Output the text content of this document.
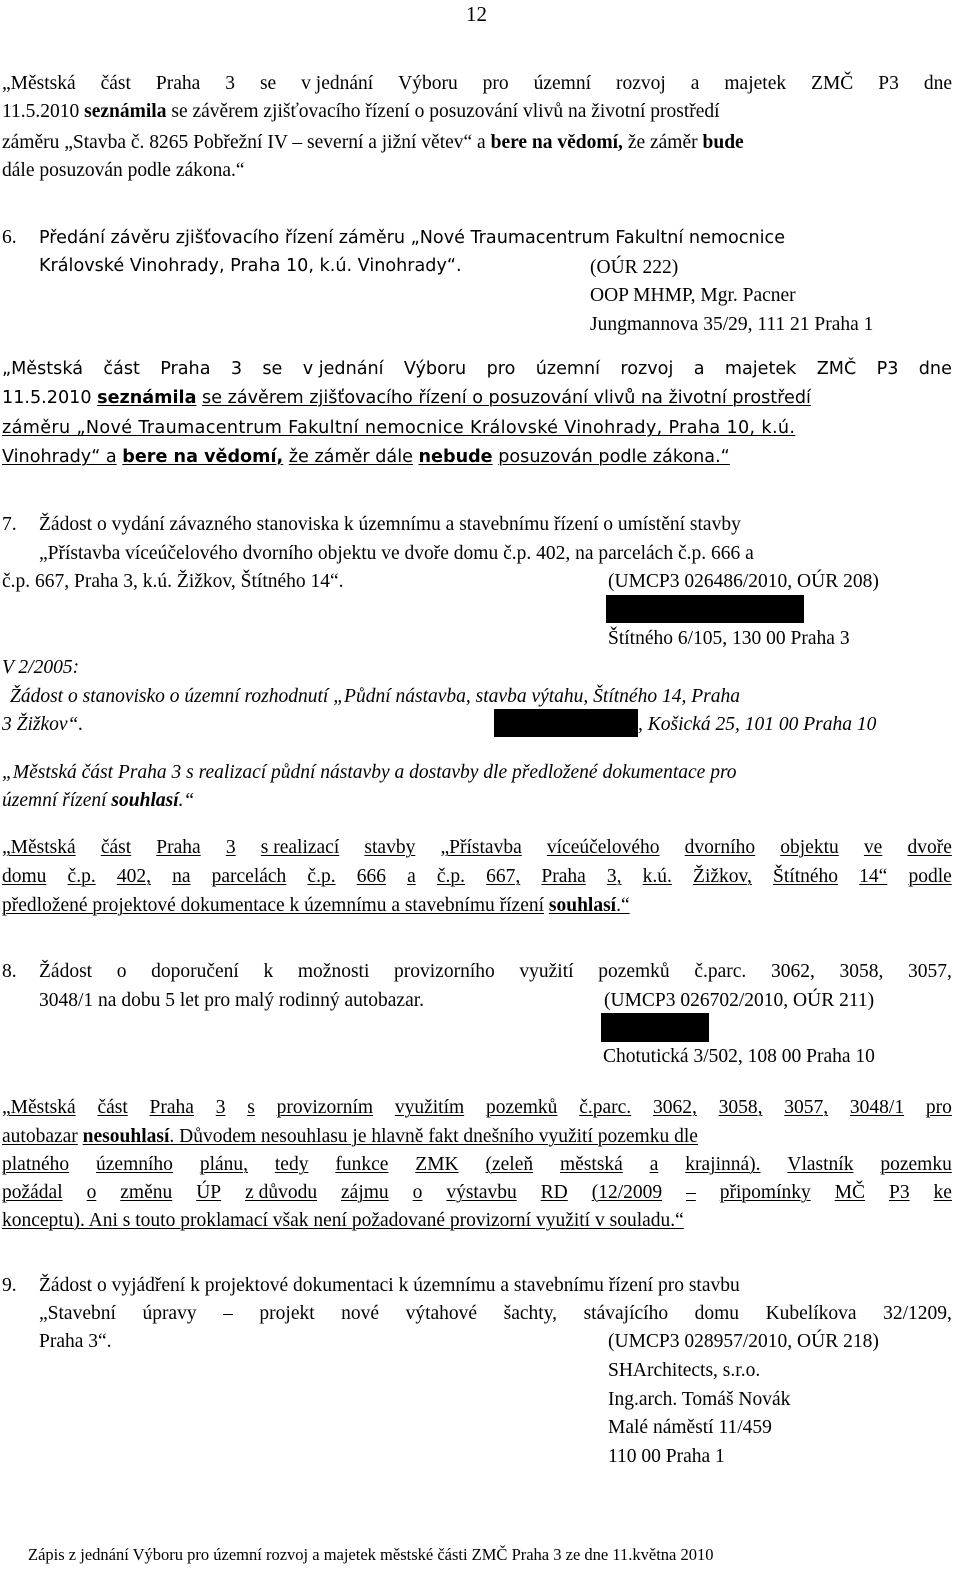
12
„Městská část Praha 3 se v jednání Výboru pro územní rozvoj a majetek ZMČ P3 dne
11.5.2010 seznámila se závěrem zjišťovacího řízení o posuzování vlivů na životní prostředí
záměru „Stavba č. 8265 Pobřežní IV – severní a jižní větev“ a bere na vědomí, že záměr bude
dále posuzován podle zákona.“
6. Předání závěru zjišťovacího řízení záměru „Nové Traumacentrum Fakultní nemocnice
Královské Vinohrady, Praha 10, k.ú. Vinohrady“.	(OÚR 222)
OOP MHMP, Mgr. Pacner
Jungmannova 35/29, 111 21 Praha 1
„Městská část Praha 3 se v jednání Výboru pro územní rozvoj a majetek ZMČ P3 dne
11.5.2010 seznámila se závěrem zjišťovacího řízení o posuzování vlivů na životní prostředí
záměru „Nové Traumacentrum Fakultní nemocnice Královské Vinohrady, Praha 10, k.ú.
Vinohrady“ a bere na vědomí, že záměr dále nebude posuzován podle zákona.“
7. Žádost o vydání závazného stanoviska k územnímu a stavebnímu řízení o umístění stavby
„Přístavba víceúčelového dvorního objektu ve dvoře domu č.p. 402, na parcelách č.p. 666 a
č.p. 667, Praha 3, k.ú. Žižkov, Štítného 14“.	(UMCP3 026486/2010, OÚR 208)
Štítného 6/105, 130 00 Praha 3
V 2/2005:
Žádost o stanovisko o územní rozhodnutí „Půdní nástavba, stavba výtahu, Štítného 14, Praha
3 Žižkov“.	, Košická 25, 101 00 Praha 10
„Městská část Praha 3 s realizací půdní nástavby a dostavby dle předložené dokumentace pro
územní řízení souhlasí.“
„Městská část Praha 3 s realizací stavby „Přístavba víceúčelového dvorního objektu ve dvoře
domu č.p. 402, na parcelách č.p. 666 a č.p. 667, Praha 3, k.ú. Žižkov, Štítného 14“ podle
předložené projektové dokumentace k územnímu a stavebnímu řízení souhlasí.“
8. Žádost o doporučení k možnosti provizorního využití pozemků č.parc. 3062, 3058, 3057,
3048/1 na dobu 5 let pro malý rodinný autobazar.	(UMCP3 026702/2010, OÚR 211)
Chotutická 3/502, 108 00 Praha 10
„Městská část Praha 3 s provizorním využitím pozemků č.parc. 3062, 3058, 3057, 3048/1 pro
autobazar nesouhlasí. Důvodem nesouhlasu je hlavně fakt dnešního využití pozemku dle
platného územního plánu, tedy funkce ZMK (zeleň městská a krajinná). Vlastník pozemku
požádal o změnu ÚP z důvodu zájmu o výstavbu RD (12/2009 – připomínky MČ P3 ke
konceptu). Ani s touto proklamací však není požadované provizorní využití v souladu.“
9. Žádost o vyjádření k projektové dokumentaci k územnímu a stavebnímu řízení pro stavbu
„Stavební úpravy – projekt nové výtahové šachty, stávajícího domu Kubelíkova 32/1209,
Praha 3“.	(UMCP3 028957/2010, OÚR 218)
SHArchitects, s.r.o.
Ing.arch. Tomáš Novák
Malé náměstí 11/459
110 00 Praha 1
Zápis z jednání Výboru pro územní rozvoj a majetek městské části ZMČ Praha 3 ze dne 11.května 2010
